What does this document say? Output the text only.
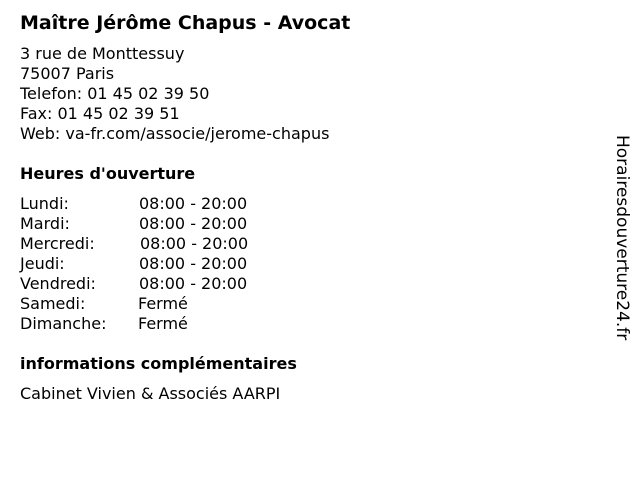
Maître Jérôme Chapus - Avocat
3 rue de Monttessuy
75007 Paris
Telefon: 01 45 02 39 50
Fax: 01 45 02 39 51
Web: va-fr.com/associe/jerome-chapus
Heures d'ouverture
Lundi:	08:00 - 20:00
Mardi:	08:00 - 20:00
Mercredi:	08:00 - 20:00
Jeudi:	08:00 - 20:00
Vendredi:	08:00 - 20:00
Samedi:	Fermé
Dimanche: Fermé
informations complémentaires
Cabinet Vivien & Associés AARPI
Horairesdouverture24.fr
